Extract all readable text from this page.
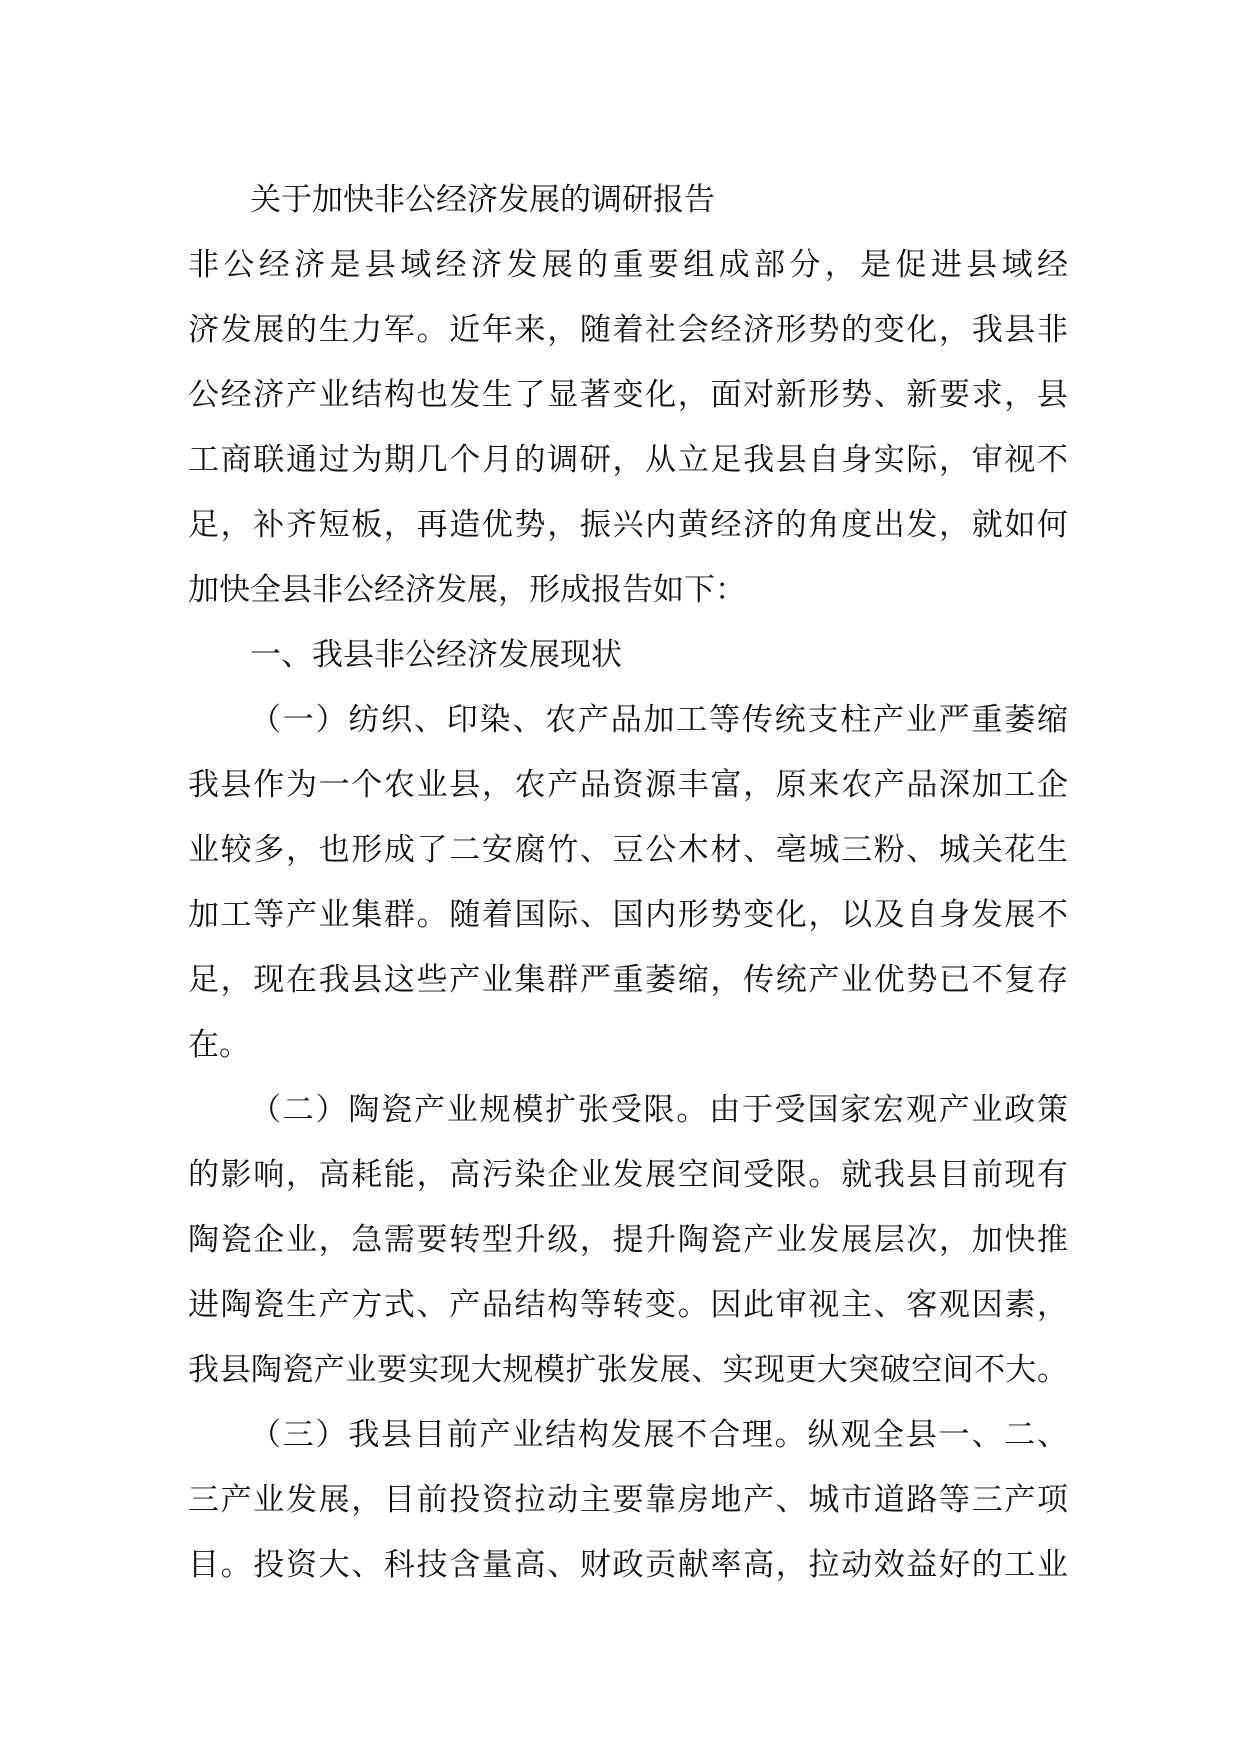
关于加快非公经济发展的调研报告
非公经济是县域经济发展的重要组成部分，是促进县域经
济发展的生力军。近年来，随着社会经济形势的变化，我县非
公经济产业结构也发生了显著变化，面对新形势、新要求，县
工商联通过为期几个月的调研，从立足我县自身实际，审视不
足，补齐短板，再造优势，振兴内黄经济的角度出发，就如何
加快全县非公经济发展，形成报告如下：
一、我县非公经济发展现状
（一）纺织、印染、农产品加工等传统支柱产业严重萎缩
我县作为一个农业县，农产品资源丰富，原来农产品深加工企
业较多，也形成了二安腐竹、豆公木材、亳城三粉、城关花生
加工等产业集群。随着国际、国内形势变化，以及自身发展不
足，现在我县这些产业集群严重萎缩，传统产业优势已不复存
在。
（二）陶瓷产业规模扩张受限。由于受国家宏观产业政策
的影响，高耗能，高污染企业发展空间受限。就我县目前现有
陶瓷企业，急需要转型升级，提升陶瓷产业发展层次，加快推
进陶瓷生产方式、产品结构等转变。因此审视主、客观因素，
我县陶瓷产业要实现大规模扩张发展、实现更大突破空间不大。
（三）我县目前产业结构发展不合理。纵观全县一、二、
三产业发展，目前投资拉动主要靠房地产、城市道路等三产项
目。投资大、科技含量高、财政贡献率高，拉动效益好的工业
